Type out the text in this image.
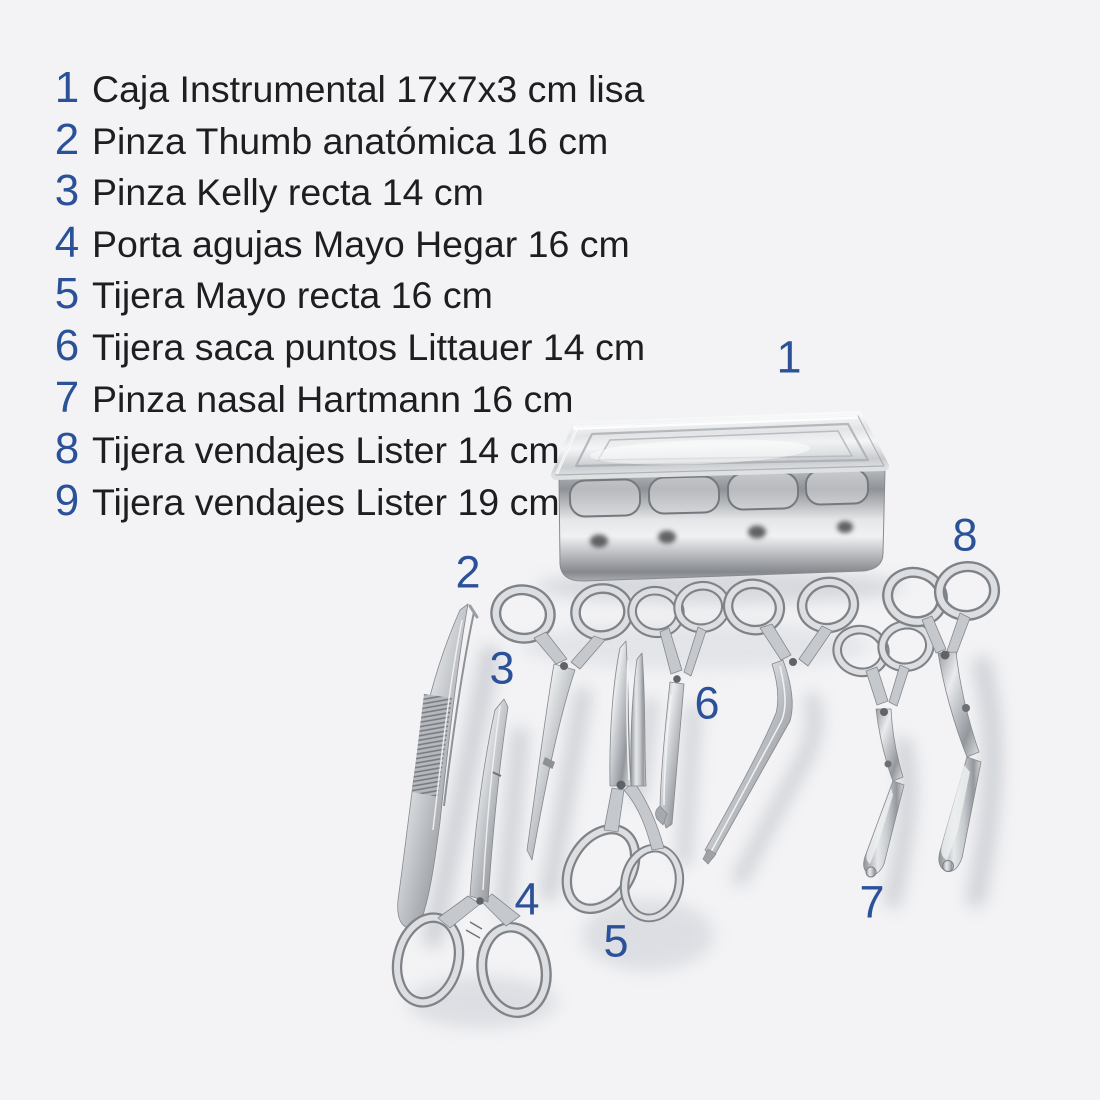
1 Caja Instrumental 17x7x3 cm lisa
2 Pinza Thumb anatómica 16 cm
3 Pinza Kelly recta 14 cm
4 Porta agujas Mayo Hegar 16 cm
5 Tijera Mayo recta 16 cm
6 Tijera saca puntos Littauer 14 cm
7 Pinza nasal Hartmann 16 cm
8 Tijera vendajes Lister 14 cm
9 Tijera vendajes Lister 19 cm
1
2
3
4
5
6
7
8
